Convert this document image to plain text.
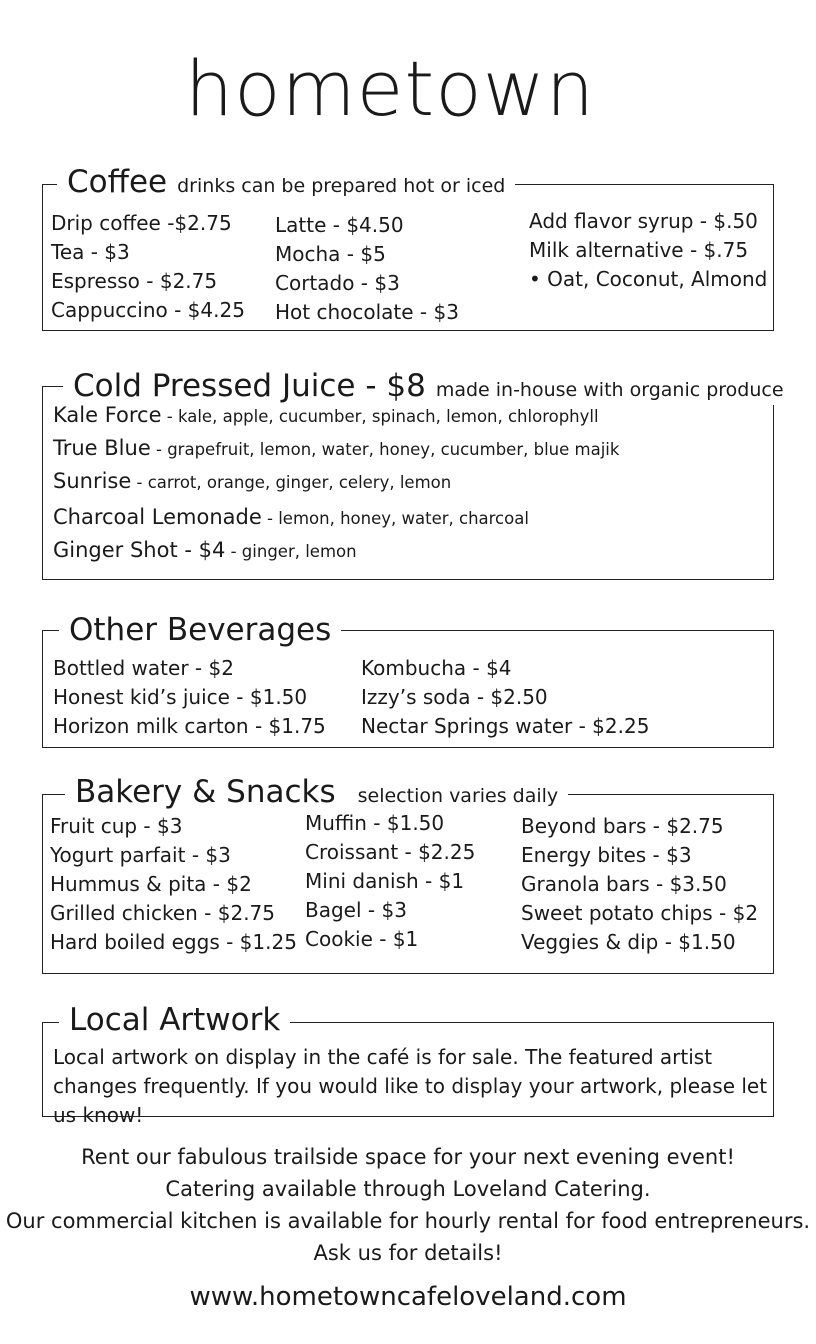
hometown
Coffee drinks can be prepared hot or iced
Drip coffee -$2.75
Tea - $3
Espresso - $2.75
Cappuccino - $4.25
Latte - $4.50
Mocha - $5
Cortado - $3
Hot chocolate - $3
Add flavor syrup - $.50
Milk alternative - $.75
• Oat, Coconut, Almond
Cold Pressed Juice - $8 made in-house with organic produce
Kale Force - kale, apple, cucumber, spinach, lemon, chlorophyll
True Blue - grapefruit, lemon, water, honey, cucumber, blue majik
Sunrise - carrot, orange, ginger, celery, lemon
Charcoal Lemonade - lemon, honey, water, charcoal
Ginger Shot - $4 - ginger, lemon
Other Beverages
Bottled water - $2
Honest kid’s juice - $1.50
Horizon milk carton - $1.75
Kombucha - $4
Izzy’s soda - $2.50
Nectar Springs water - $2.25
Bakery & Snacks selection varies daily
Fruit cup - $3
Yogurt parfait - $3
Hummus & pita - $2
Grilled chicken - $2.75
Hard boiled eggs - $1.25
Muffin - $1.50
Croissant - $2.25
Mini danish - $1
Bagel - $3
Cookie - $1
Beyond bars - $2.75
Energy bites - $3
Granola bars - $3.50
Sweet potato chips - $2
Veggies & dip - $1.50
Local Artwork
Local artwork on display in the café is for sale. The featured artist changes frequently. If you would like to display your artwork, please let us know!
Rent our fabulous trailside space for your next evening event!
Catering available through Loveland Catering.
Our commercial kitchen is available for hourly rental for food entrepreneurs.
Ask us for details!
www.hometowncafeloveland.com
